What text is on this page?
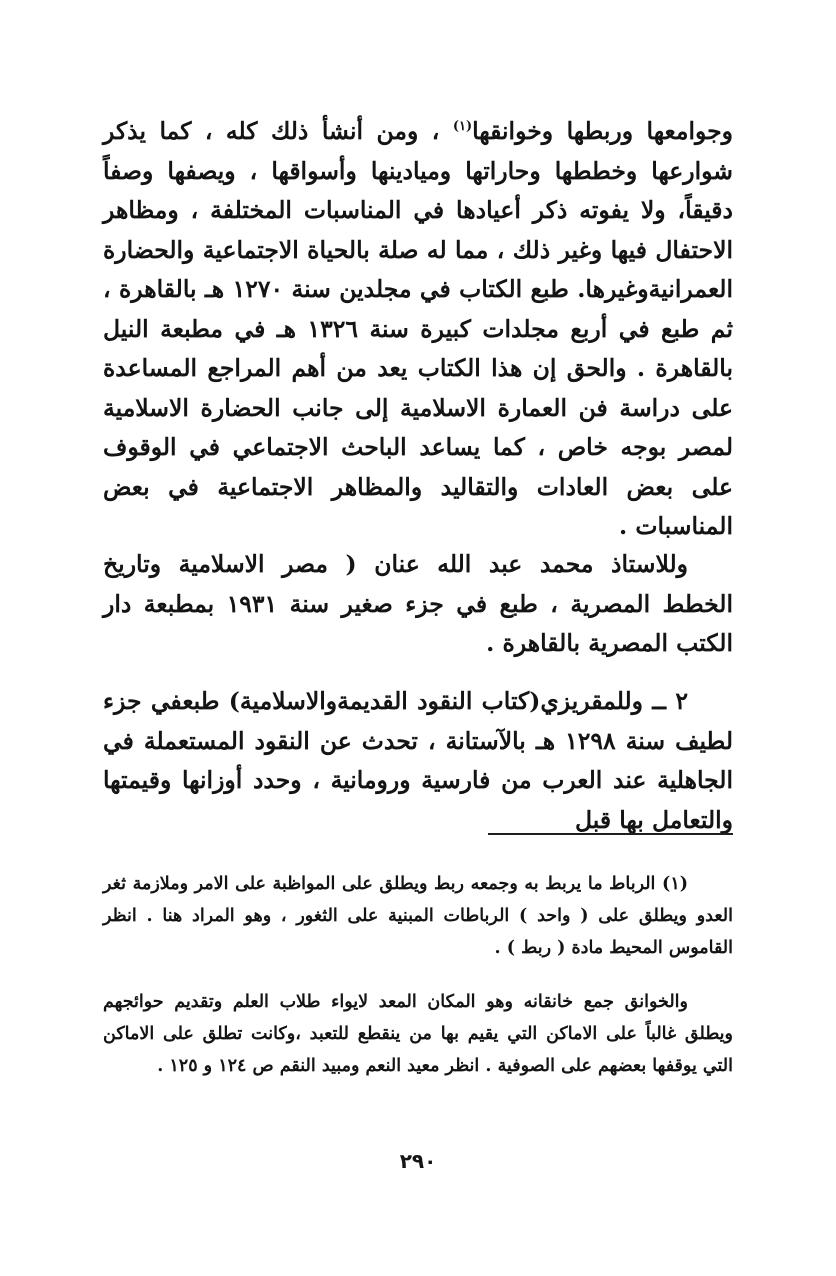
وجوامعها وربطها وخوانقها$^{(١)}$ ، ومن أنشأ ذلك كله ، كما يذكر شوارعها وخططها وحاراتها وميادينها وأسواقها ، ويصفها وصفاً دقيقاً، ولا يفوته ذكر أعيادها في المناسبات المختلفة ، ومظاهر الاحتفال فيها وغير ذلك ، مما له صلة بالحياة الاجتماعية والحضارة العمرانيةوغيرها. طبع الكتاب في مجلدين سنة ١٢٧٠ هـ بالقاهرة ، ثم طبع في أربع مجلدات كبيرة سنة ١٣٢٦ هـ في مطبعة النيل بالقاهرة . والحق إن هذا الكتاب يعد من أهم المراجع المساعدة على دراسة فن العمارة الاسلامية إلى جانب الحضارة الاسلامية لمصر بوجه خاص ، كما يساعد الباحث الاجتماعي في الوقوف على بعض العادات والتقاليد والمظاهر الاجتماعية في بعض المناسبات .

وللاستاذ محمد عبد الله عنان ( مصر الاسلامية وتاريخ الخطط المصرية ، طبع في جزء صغير سنة ١٩٣١ بمطبعة دار الكتب المصرية بالقاهرة .

٢ ــ وللمقريزي(كتاب النقود القديمةوالاسلامية) طبعفي جزء لطيف سنة ١٢٩٨ هـ بالآستانة ، تحدث عن النقود المستعملة في الجاهلية عند العرب من فارسية ورومانية ، وحدد أوزانها وقيمتها والتعامل بها قبل

(١) الرباط ما يربط به وجمعه ربط ويطلق على المواظبة على الامر وملازمة ثغر العدو ويطلق على ( واحد ) الرباطات المبنية على الثغور ، وهو المراد هنا . انظر القاموس المحيط مادة ( ربط ) .

والخوانق جمع خانقانه وهو المكان المعد لايواء طلاب العلم وتقديم حوائجهم ويطلق غالباً على الاماكن التي يقيم بها من ينقطع للتعبد ،وكانت تطلق على الاماكن التي يوقفها بعضهم على الصوفية . انظر معيد النعم ومبيد النقم ص ١٢٤ و ١٢٥ .

٢٩٠
